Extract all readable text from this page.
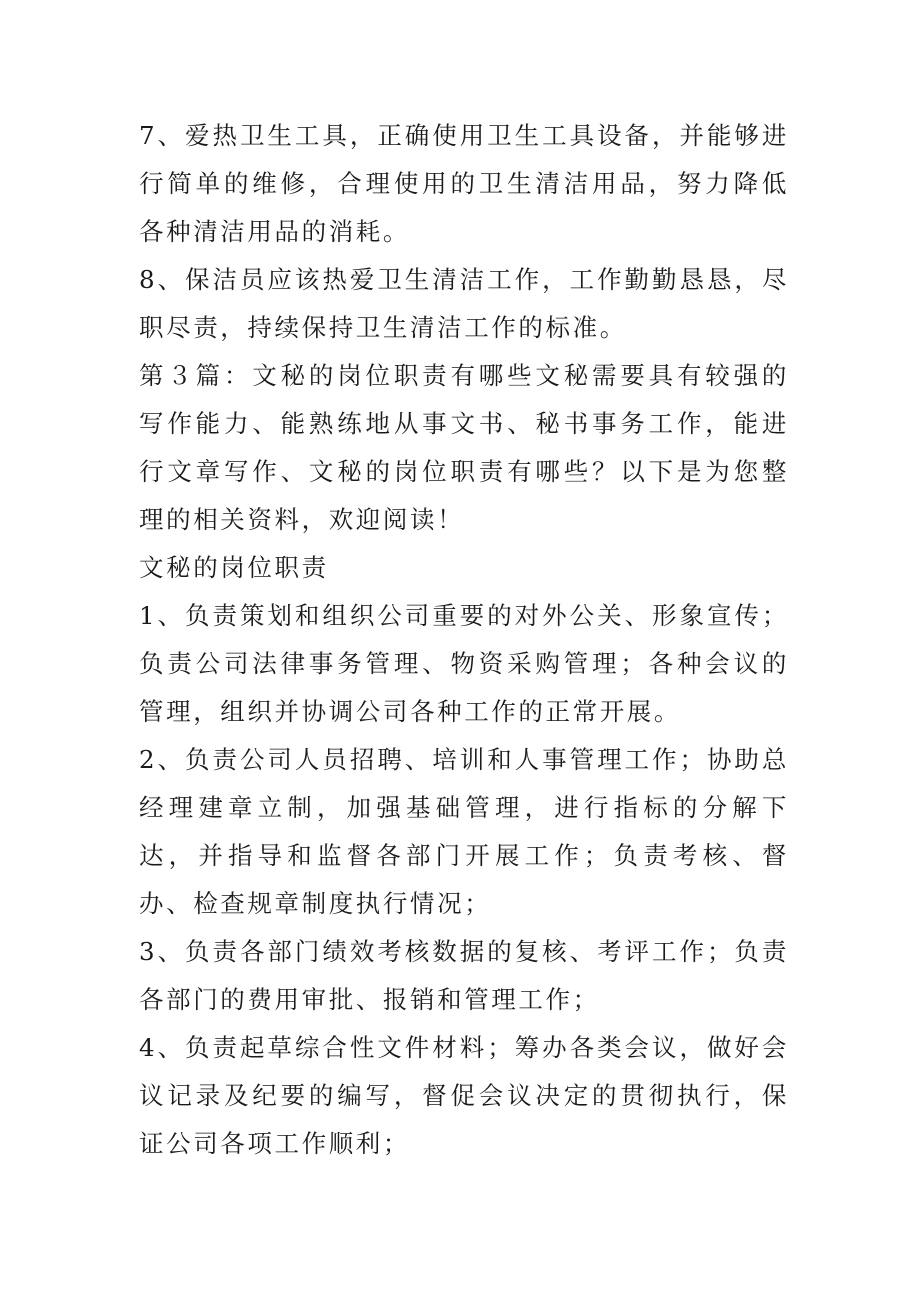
7、爱热卫生工具，正确使用卫生工具设备，并能够进行简单的维修，合理使用的卫生清洁用品，努力降低各种清洁用品的消耗。

8、保洁员应该热爱卫生清洁工作，工作勤勤恳恳，尽职尽责，持续保持卫生清洁工作的标准。

第３篇：文秘的岗位职责有哪些文秘需要具有较强的写作能力、能熟练地从事文书、秘书事务工作，能进行文章写作、文秘的岗位职责有哪些？以下是为您整理的相关资料，欢迎阅读！

文秘的岗位职责

1、负责策划和组织公司重要的对外公关、形象宣传；负责公司法律事务管理、物资采购管理；各种会议的管理，组织并协调公司各种工作的正常开展。

2、负责公司人员招聘、培训和人事管理工作；协助总经理建章立制，加强基础管理，进行指标的分解下达，并指导和监督各部门开展工作；负责考核、督办、检查规章制度执行情况；

3、负责各部门绩效考核数据的复核、考评工作；负责各部门的费用审批、报销和管理工作；

4、负责起草综合性文件材料；筹办各类会议，做好会议记录及纪要的编写，督促会议决定的贯彻执行，保证公司各项工作顺利；
